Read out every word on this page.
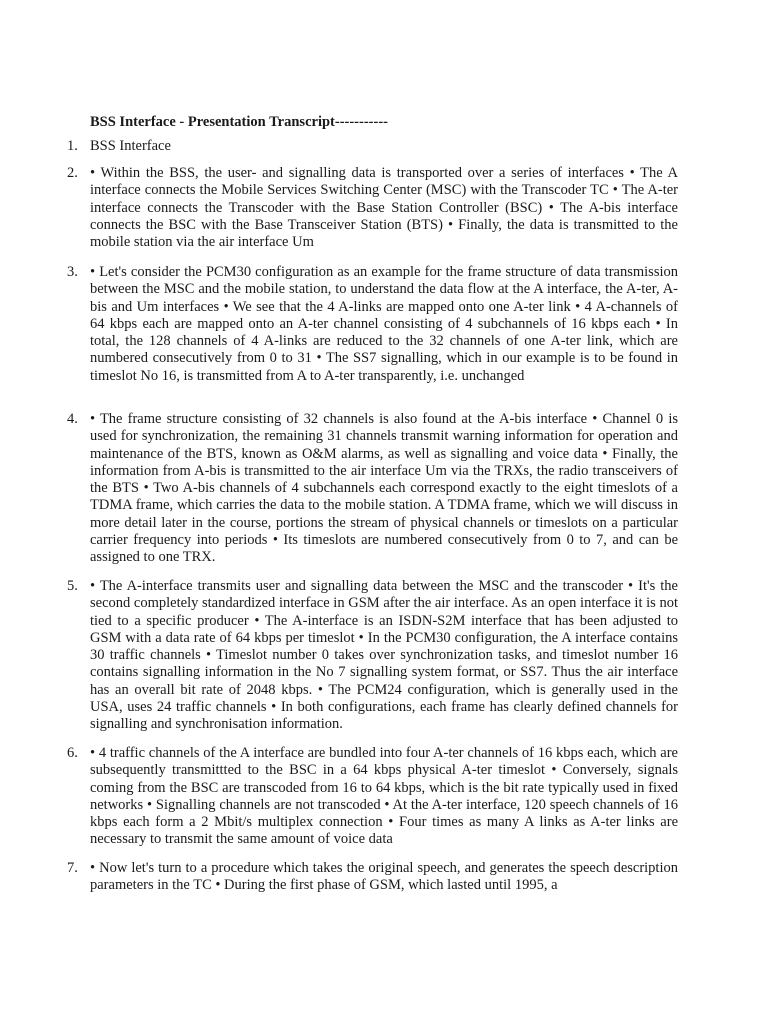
BSS Interface - Presentation Transcript-----------
1. BSS Interface

2. • Within the BSS, the user- and signalling data is transported over a series of interfaces • The A interface connects the Mobile Services Switching Center (MSC) with the Transcoder TC • The A-ter interface connects the Transcoder with the Base Station Controller (BSC) • The A-bis interface connects the BSC with the Base Transceiver Station (BTS) • Finally, the data is transmitted to the mobile station via the air interface Um

3. • Let's consider the PCM30 configuration as an example for the frame structure of data transmission between the MSC and the mobile station, to understand the data flow at the A interface, the A-ter, A-bis and Um interfaces • We see that the 4 A-links are mapped onto one A-ter link • 4 A-channels of 64 kbps each are mapped onto an A-ter channel consisting of 4 subchannels of 16 kbps each • In total, the 128 channels of 4 A-links are reduced to the 32 channels of one A-ter link, which are numbered consecutively from 0 to 31 • The SS7 signalling, which in our example is to be found in timeslot No 16, is transmitted from A to A-ter transparently, i.e. unchanged

4. • The frame structure consisting of 32 channels is also found at the A-bis interface • Channel 0 is used for synchronization, the remaining 31 channels transmit warning information for operation and maintenance of the BTS, known as O&M alarms, as well as signalling and voice data • Finally, the information from A-bis is transmitted to the air interface Um via the TRXs, the radio transceivers of the BTS • Two A-bis channels of 4 subchannels each correspond exactly to the eight timeslots of a TDMA frame, which carries the data to the mobile station. A TDMA frame, which we will discuss in more detail later in the course, portions the stream of physical channels or timeslots on a particular carrier frequency into periods • Its timeslots are numbered consecutively from 0 to 7, and can be assigned to one TRX.

5. • The A-interface transmits user and signalling data between the MSC and the transcoder • It's the second completely standardized interface in GSM after the air interface. As an open interface it is not tied to a specific producer • The A-interface is an ISDN-S2M interface that has been adjusted to GSM with a data rate of 64 kbps per timeslot • In the PCM30 configuration, the A interface contains 30 traffic channels • Timeslot number 0 takes over synchronization tasks, and timeslot number 16 contains signalling information in the No 7 signalling system format, or SS7. Thus the air interface has an overall bit rate of 2048 kbps. • The PCM24 configuration, which is generally used in the USA, uses 24 traffic channels • In both configurations, each frame has clearly defined channels for signalling and synchronisation information.

6. • 4 traffic channels of the A interface are bundled into four A-ter channels of 16 kbps each, which are subsequently transmittted to the BSC in a 64 kbps physical A-ter timeslot • Conversely, signals coming from the BSC are transcoded from 16 to 64 kbps, which is the bit rate typically used in fixed networks • Signalling channels are not transcoded • At the A-ter interface, 120 speech channels of 16 kbps each form a 2 Mbit/s multiplex connection • Four times as many A links as A-ter links are necessary to transmit the same amount of voice data

7. • Now let's turn to a procedure which takes the original speech, and generates the speech description parameters in the TC • During the first phase of GSM, which lasted until 1995, a
